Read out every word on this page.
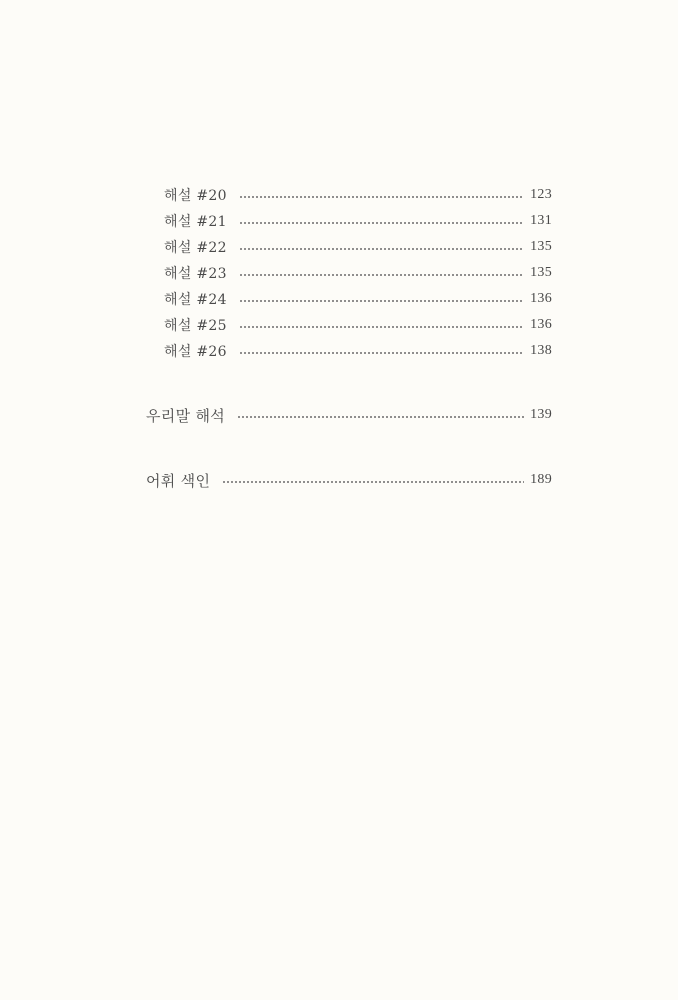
해설 #20	123
해설 #21	131
해설 #22	135
해설 #23	135
해설 #24	136
해설 #25	136
해설 #26	138
우리말 해석	139
어휘 색인	189
